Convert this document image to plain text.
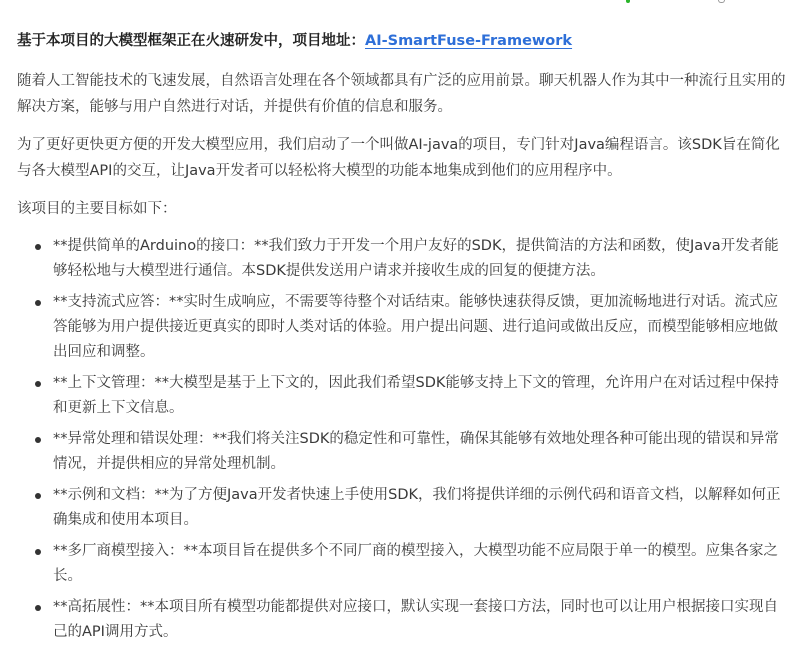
基于本项目的大模型框架正在火速研发中，项目地址：AI-SmartFuse-Framework

随着人工智能技术的飞速发展，自然语言处理在各个领域都具有广泛的应用前景。聊天机器人作为其中一种流行且实用的解决方案，能够与用户自然进行对话，并提供有价值的信息和服务。

为了更好更快更方便的开发大模型应用，我们启动了一个叫做AI-java的项目，专门针对Java编程语言。该SDK旨在简化与各大模型API的交互，让Java开发者可以轻松将大模型的功能本地集成到他们的应用程序中。

该项目的主要目标如下：

**提供简单的Arduino的接口：**我们致力于开发一个用户友好的SDK，提供简洁的方法和函数，使Java开发者能够轻松地与大模型进行通信。本SDK提供发送用户请求并接收生成的回复的便捷方法。
**支持流式应答：**实时生成响应，不需要等待整个对话结束。能够快速获得反馈，更加流畅地进行对话。流式应答能够为用户提供接近更真实的即时人类对话的体验。用户提出问题、进行追问或做出反应，而模型能够相应地做出回应和调整。
**上下文管理：**大模型是基于上下文的，因此我们希望SDK能够支持上下文的管理，允许用户在对话过程中保持和更新上下文信息。
**异常处理和错误处理：**我们将关注SDK的稳定性和可靠性，确保其能够有效地处理各种可能出现的错误和异常情况，并提供相应的异常处理机制。
**示例和文档：**为了方便Java开发者快速上手使用SDK，我们将提供详细的示例代码和语音文档，以解释如何正确集成和使用本项目。
**多厂商模型接入：**本项目旨在提供多个不同厂商的模型接入，大模型功能不应局限于单一的模型。应集各家之长。
**高拓展性：**本项目所有模型功能都提供对应接口，默认实现一套接口方法，同时也可以让用户根据接口实现自己的API调用方式。
